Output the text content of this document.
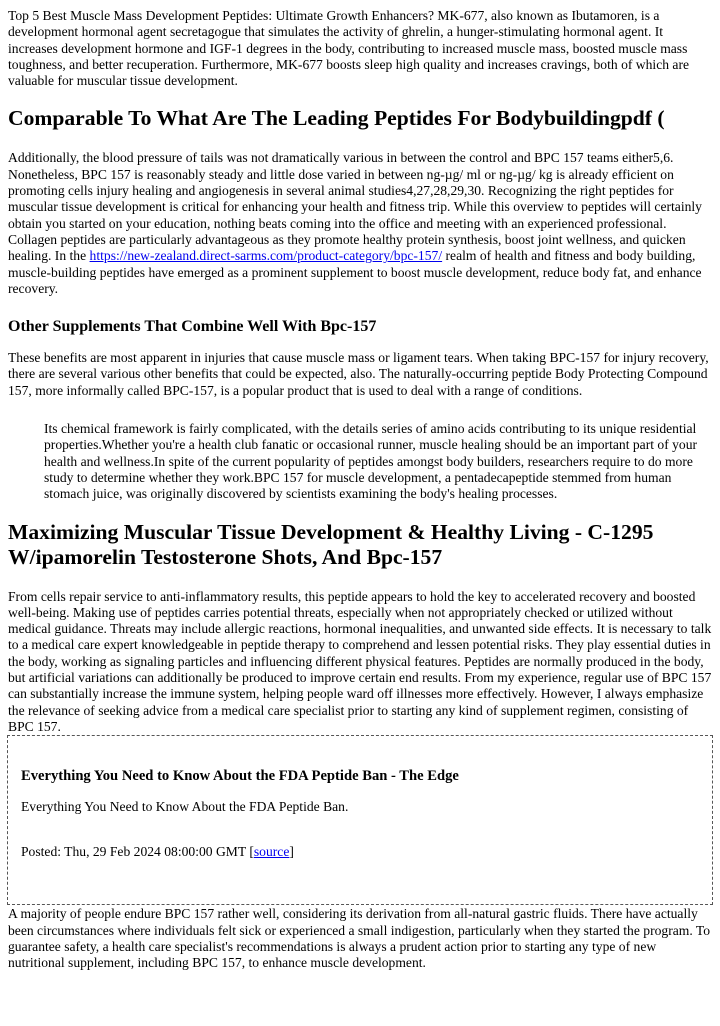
Top 5 Best Muscle Mass Development Peptides: Ultimate Growth Enhancers? MK-677, also known as Ibutamoren, is a development hormonal agent secretagogue that simulates the activity of ghrelin, a hunger-stimulating hormonal agent. It increases development hormone and IGF-1 degrees in the body, contributing to increased muscle mass, boosted muscle mass toughness, and better recuperation. Furthermore, MK-677 boosts sleep high quality and increases cravings, both of which are valuable for muscular tissue development.

Comparable To What Are The Leading Peptides For Bodybuildingpdf (

Additionally, the blood pressure of tails was not dramatically various in between the control and BPC 157 teams either5,6. Nonetheless, BPC 157 is reasonably steady and little dose varied in between ng-µg/ ml or ng-µg/ kg is already efficient on promoting cells injury healing and angiogenesis in several animal studies4,27,28,29,30. Recognizing the right peptides for muscular tissue development is critical for enhancing your health and fitness trip. While this overview to peptides will certainly obtain you started on your education, nothing beats coming into the office and meeting with an experienced professional. Collagen peptides are particularly advantageous as they promote healthy protein synthesis, boost joint wellness, and quicken healing. In the https://new-zealand.direct-sarms.com/product-category/bpc-157/ realm of health and fitness and body building, muscle-building peptides have emerged as a prominent supplement to boost muscle development, reduce body fat, and enhance recovery.

Other Supplements That Combine Well With Bpc-157

These benefits are most apparent in injuries that cause muscle mass or ligament tears. When taking BPC-157 for injury recovery, there are several various other benefits that could be expected, also. The naturally-occurring peptide Body Protecting Compound 157, more informally called BPC-157, is a popular product that is used to deal with a range of conditions.

Its chemical framework is fairly complicated, with the details series of amino acids contributing to its unique residential properties.Whether you're a health club fanatic or occasional runner, muscle healing should be an important part of your health and wellness.In spite of the current popularity of peptides amongst body builders, researchers require to do more study to determine whether they work.BPC 157 for muscle development, a pentadecapeptide stemmed from human stomach juice, was originally discovered by scientists examining the body's healing processes.
Maximizing Muscular Tissue Development & Healthy Living - C-1295 W/ipamorelin Testosterone Shots, And Bpc-157

From cells repair service to anti-inflammatory results, this peptide appears to hold the key to accelerated recovery and boosted well-being. Making use of peptides carries potential threats, especially when not appropriately checked or utilized without medical guidance. Threats may include allergic reactions, hormonal inequalities, and unwanted side effects. It is necessary to talk to a medical care expert knowledgeable in peptide therapy to comprehend and lessen potential risks. They play essential duties in the body, working as signaling particles and influencing different physical features. Peptides are normally produced in the body, but artificial variations can additionally be produced to improve certain end results. From my experience, regular use of BPC 157 can substantially increase the immune system, helping people ward off illnesses more effectively. However, I always emphasize the relevance of seeking advice from a medical care specialist prior to starting any kind of supplement regimen, consisting of BPC 157.

Everything You Need to Know About the FDA Peptide Ban - The Edge

Everything You Need to Know About the FDA Peptide Ban.

Posted: Thu, 29 Feb 2024 08:00:00 GMT [source]

A majority of people endure BPC 157 rather well, considering its derivation from all-natural gastric fluids. There have actually been circumstances where individuals felt sick or experienced a small indigestion, particularly when they started the program. To guarantee safety, a health care specialist's recommendations is always a prudent action prior to starting any type of new nutritional supplement, including BPC 157, to enhance muscle development.
